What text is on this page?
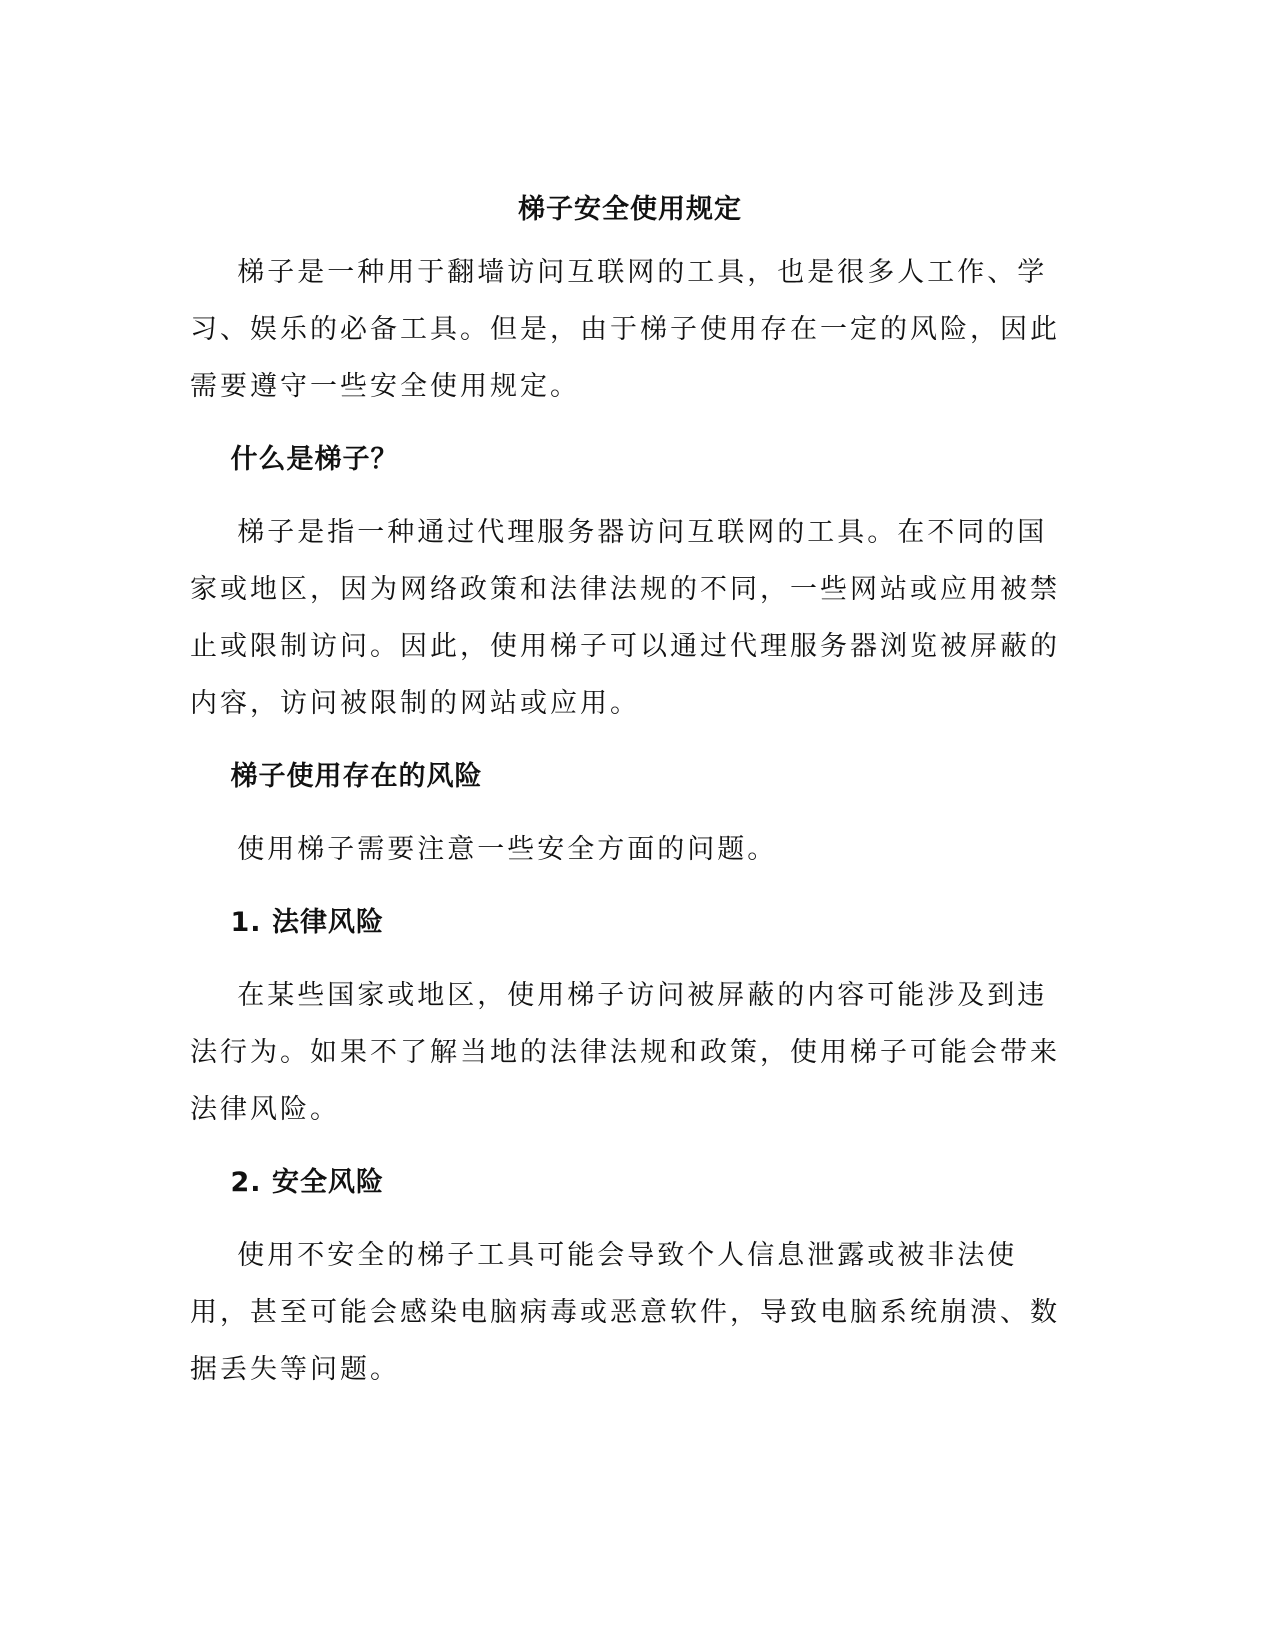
梯子安全使用规定

梯子是一种用于翻墙访问互联网的工具，也是很多人工作、学习、娱乐的必备工具。但是，由于梯子使用存在一定的风险，因此需要遵守一些安全使用规定。

什么是梯子？

梯子是指一种通过代理服务器访问互联网的工具。在不同的国家或地区，因为网络政策和法律法规的不同，一些网站或应用被禁止或限制访问。因此，使用梯子可以通过代理服务器浏览被屏蔽的内容，访问被限制的网站或应用。

梯子使用存在的风险

使用梯子需要注意一些安全方面的问题。

1. 法律风险

在某些国家或地区，使用梯子访问被屏蔽的内容可能涉及到违法行为。如果不了解当地的法律法规和政策，使用梯子可能会带来法律风险。

2. 安全风险

使用不安全的梯子工具可能会导致个人信息泄露或被非法使用，甚至可能会感染电脑病毒或恶意软件，导致电脑系统崩溃、数据丢失等问题。
